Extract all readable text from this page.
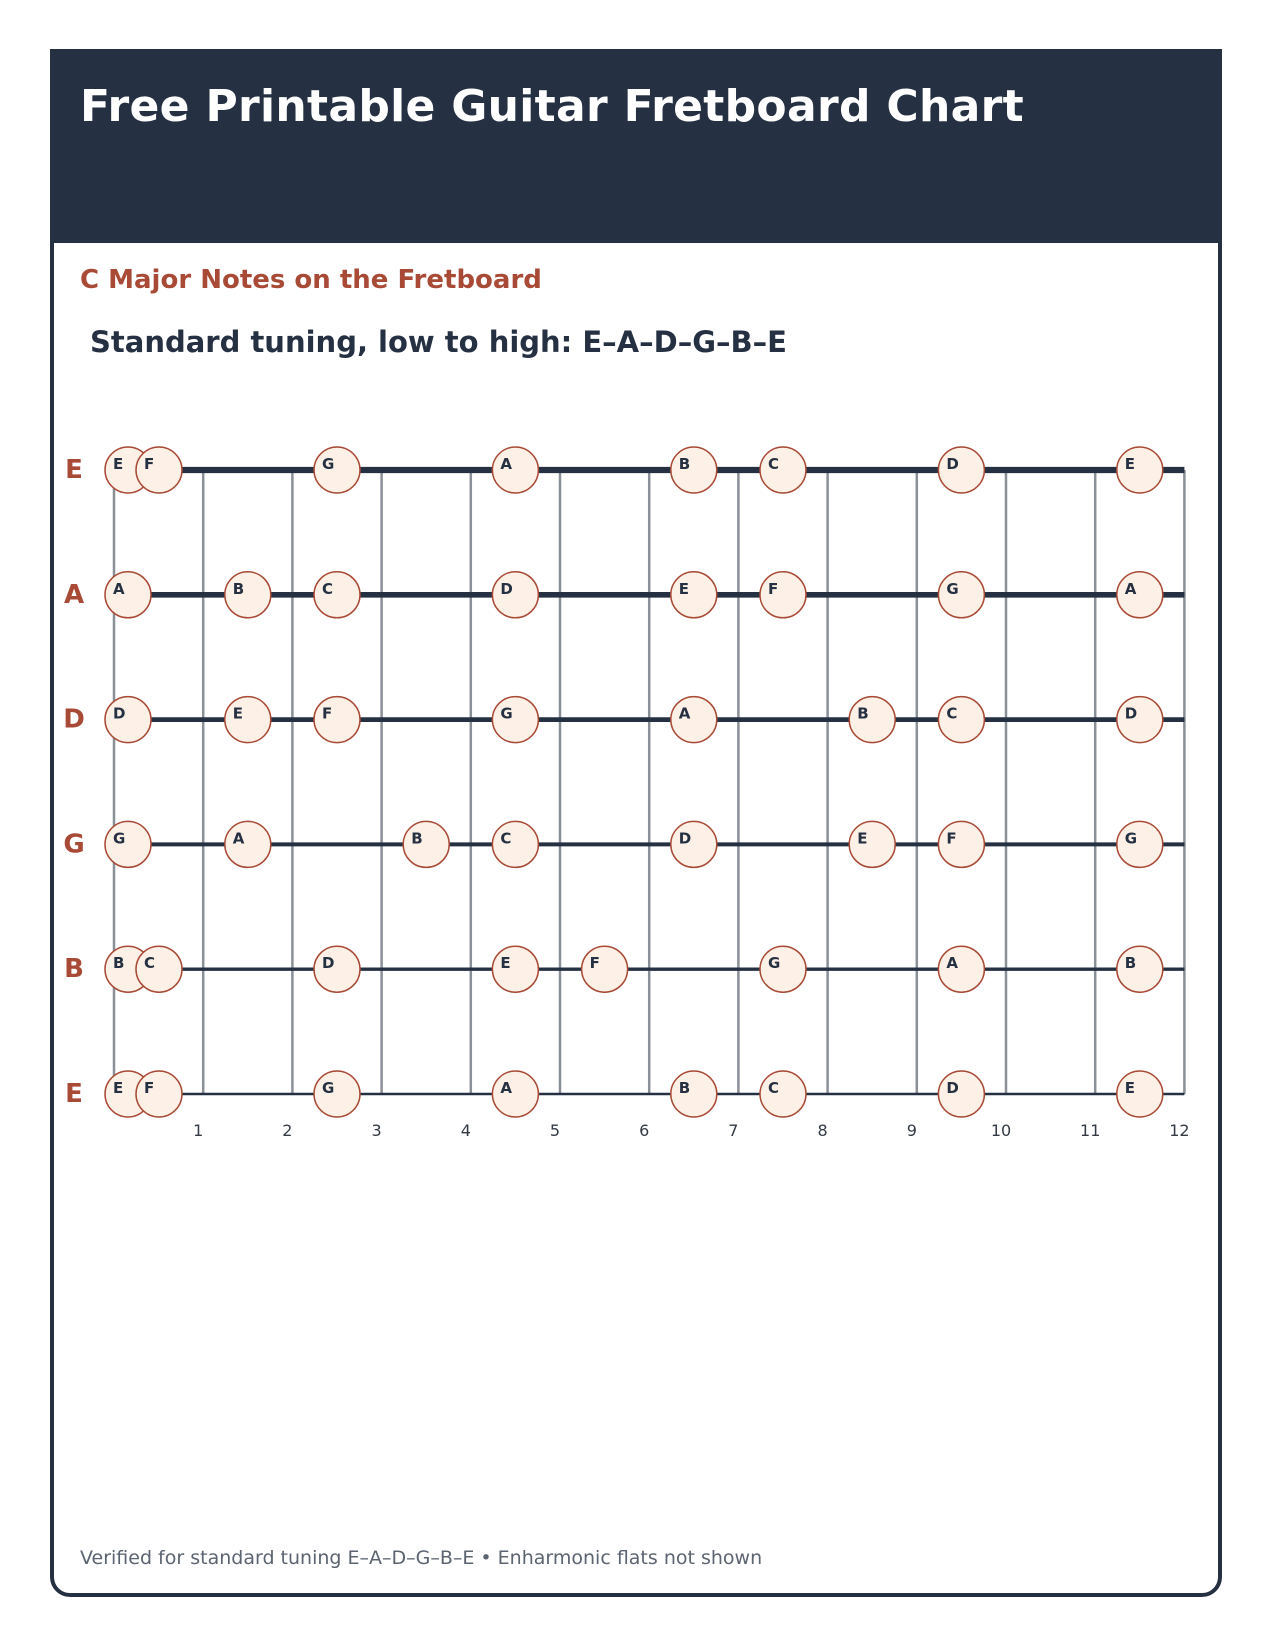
Free Printable Guitar Fretboard Chart
C Major Notes on the Fretboard
Standard tuning, low to high: E–A–D–G–B–E

Verified for standard tuning E–A–D–G–B–E • Enharmonic flats not shown

E
A
D
G
B
E
1	2	3	4	5	6	7	8	9	10	11	12
E F	G	A	B	C	D	E
A	B	C	D	E	F	G	A
D	E	F	G	A	B	C	D
G	A	B	C	D	E	F	G
B C	D	E	F	G	A	B
E F	G	A	B	C	D	E
